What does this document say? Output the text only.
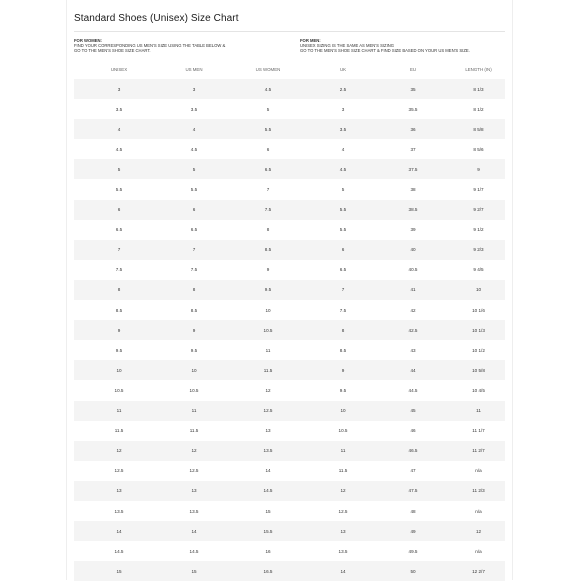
Standard Shoes (Unisex) Size Chart
FOR WOMEN:
FIND YOUR CORRESPONDING US MEN'S SIZE USING THE TABLE BELOW &
GO TO THE MEN'S SHOE SIZE CHART.
FOR MEN:
UNISEX SIZING IS THE SAME AS MEN'S SIZING
GO TO THE MEN'S SHOE SIZE CHART & FIND SIZE BASED ON YOUR US MEN'S SIZE.
UNISEX	US MEN	US WOMEN	UK	EU	LENGTH (IN)
3	3	4.5	2.5	35	8 1/3
3.5	3.5	5	3	35.5	8 1/2
4	4	5.5	3.5	36	8 5/8
4.5	4.5	6	4	37	8 5/6
5	5	6.5	4.5	37.5	9
5.5	5.5	7	5	38	9 1/7
6	6	7.5	5.5	38.5	9 2/7
6.5	6.5	8	5.5	39	9 1/2
7	7	8.5	6	40	9 2/3
7.5	7.5	9	6.5	40.5	9 4/5
8	8	9.5	7	41	10
8.5	8.5	10	7.5	42	10 1/6
9	9	10.5	8	42.5	10 1/3
9.5	9.5	11	8.5	43	10 1/2
10	10	11.5	9	44	10 5/8
10.5	10.5	12	9.5	44.5	10 4/5
11	11	12.5	10	45	11
11.5	11.5	13	10.5	46	11 1/7
12	12	13.5	11	46.5	11 2/7
12.5	12.5	14	11.5	47	n/a
13	13	14.5	12	47.5	11 2/3
13.5	13.5	15	12.5	48	n/a
14	14	15.5	13	49	12
14.5	14.5	16	13.5	49.5	n/a
15	15	16.5	14	50	12 2/7
